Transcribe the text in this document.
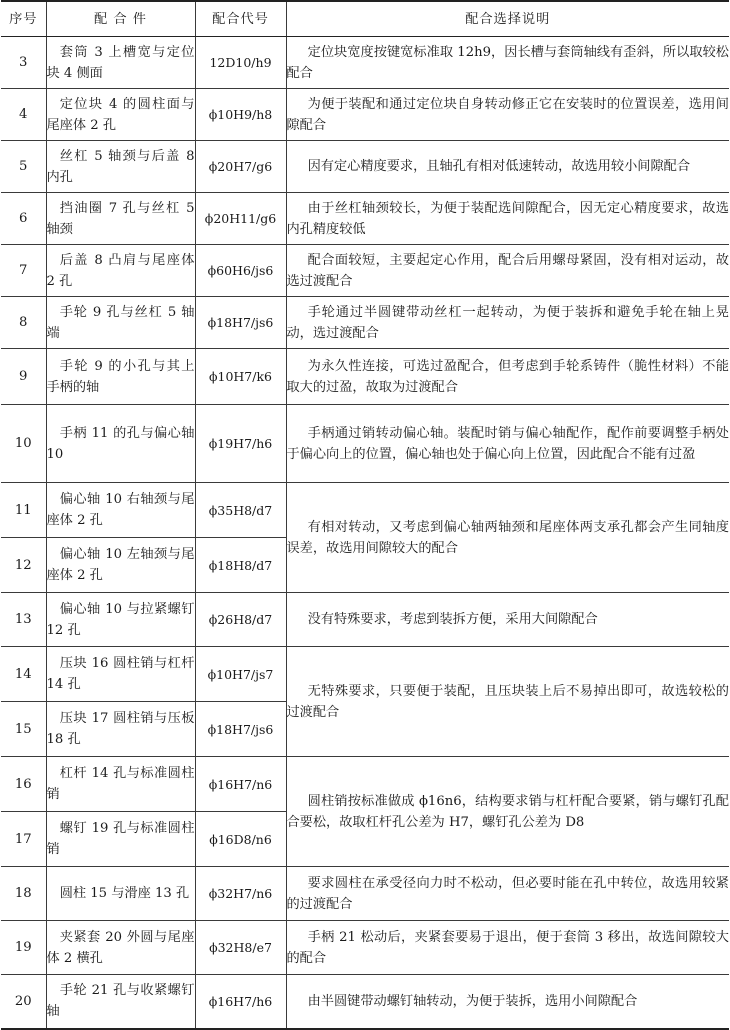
序号	配 合 件	配合代号	配合选择说明
3	套筒 3 上槽宽与定位块 4 侧面	12D10/h9	定位块宽度按键宽标准取 12h9，因长槽与套筒轴线有歪斜，所以取较松配合

4	定位块 4 的圆柱面与尾座体 2 孔	ϕ10H9/h8	为便于装配和通过定位块自身转动修正它在安装时的位置误差，选用间隙配合

5	丝杠 5 轴颈与后盖 8 内孔	ϕ20H7/g6	因有定心精度要求，且轴孔有相对低速转动，故选用较小间隙配合

6	挡油圈 7 孔与丝杠 5 轴颈	ϕ20H11/g6	由于丝杠轴颈较长，为便于装配选间隙配合，因无定心精度要求，故选内孔精度较低

7	后盖 8 凸肩与尾座体 2 孔	ϕ60H6/js6	配合面较短，主要起定心作用，配合后用螺母紧固，没有相对运动，故选过渡配合

8	手轮 9 孔与丝杠 5 轴端	ϕ18H7/js6	手轮通过半圆键带动丝杠一起转动，为便于装拆和避免手轮在轴上晃动，选过渡配合

9	手轮 9 的小孔与其上手柄的轴	ϕ10H7/k6	为永久性连接，可选过盈配合，但考虑到手轮系铸件（脆性材料）不能取大的过盈，故取为过渡配合

10	手柄 11 的孔与偏心轴 10	ϕ19H7/h6	手柄通过销转动偏心轴。装配时销与偏心轴配作，配作前要调整手柄处于偏心向上的位置，偏心轴也处于偏心向上位置，因此配合不能有过盈

11	偏心轴 10 右轴颈与尾座体 2 孔	ϕ35H8/d7	有相对转动，又考虑到偏心轴两轴颈和尾座体两支承孔都会产生同轴度误差，故选用间隙较大的配合

12	偏心轴 10 左轴颈与尾座体 2 孔	ϕ18H8/d7	
13	偏心轴 10 与拉紧螺钉 12 孔	ϕ26H8/d7	没有特殊要求，考虑到装拆方便，采用大间隙配合

14	压块 16 圆柱销与杠杆 14 孔	ϕ10H7/js7	无特殊要求，只要便于装配，且压块装上后不易掉出即可，故选较松的过渡配合

15	压块 17 圆柱销与压板 18 孔	ϕ18H7/js6	
16	杠杆 14 孔与标准圆柱销	ϕ16H7/n6	圆柱销按标准做成 ϕ16n6，结构要求销与杠杆配合要紧，销与螺钉孔配合要松，故取杠杆孔公差为 H7，螺钉孔公差为 D8

17	螺钉 19 孔与标准圆柱销	ϕ16D8/n6	
18	圆柱 15 与滑座 13 孔	ϕ32H7/n6	要求圆柱在承受径向力时不松动，但必要时能在孔中转位，故选用较紧的过渡配合

19	夹紧套 20 外圆与尾座体 2 横孔	ϕ32H8/e7	手柄 21 松动后，夹紧套要易于退出，便于套筒 3 移出，故选间隙较大的配合

20	手轮 21 孔与收紧螺钉轴	ϕ16H7/h6	由半圆键带动螺钉轴转动，为便于装拆，选用小间隙配合
